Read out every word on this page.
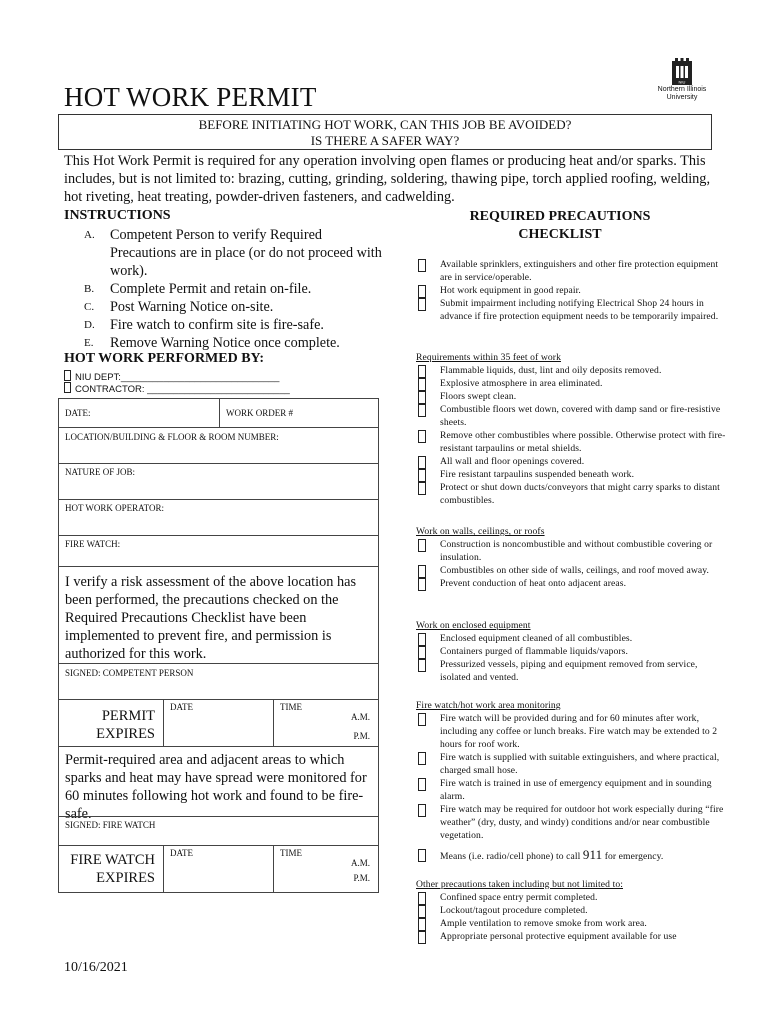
NIU
Northern Illinois
University
HOT WORK PERMIT
BEFORE INITIATING HOT WORK, CAN THIS JOB BE AVOIDED?
IS THERE A SAFER WAY?
This Hot Work Permit is required for any operation involving open flames or producing heat and/or sparks. This includes, but is not limited to: brazing, cutting, grinding, soldering, thawing pipe, torch applied roofing, welding, hot riveting, heat treating, powder-driven fasteners, and cadwelding.
INSTRUCTIONS
A. Competent Person to verify Required Precautions are in place (or do not proceed with work).
B. Complete Permit and retain on-file.
C. Post Warning Notice on-site.
D. Fire watch to confirm site is fire-safe.
E. Remove Warning Notice once complete.
HOT WORK PERFORMED BY:
NIU DEPT:______________________________
CONTRACTOR: ___________________________
DATE:	WORK ORDER #
LOCATION/BUILDING & FLOOR & ROOM NUMBER:
NATURE OF JOB:
HOT WORK OPERATOR:
FIRE WATCH:
I verify a risk assessment of the above location has been performed, the precautions checked on the Required Precautions Checklist have been implemented to prevent fire, and permission is authorized for this work.
SIGNED: COMPETENT PERSON
PERMIT EXPIRES
DATE	TIME
A.M.
P.M.
Permit-required area and adjacent areas to which sparks and heat may have spread were monitored for 60 minutes following hot work and found to be fire-safe.
SIGNED: FIRE WATCH
FIRE WATCH EXPIRES
DATE	TIME
A.M.
P.M.
REQUIRED PRECAUTIONS
CHECKLIST
Available sprinklers, extinguishers and other fire protection equipment are in service/operable.
Hot work equipment in good repair.
Submit impairment including notifying Electrical Shop 24 hours in advance if fire protection equipment needs to be temporarily impaired.
Requirements within 35 feet of work
Flammable liquids, dust, lint and oily deposits removed.
Explosive atmosphere in area eliminated.
Floors swept clean.
Combustible floors wet down, covered with damp sand or fire-resistive sheets.
Remove other combustibles where possible. Otherwise protect with fire-resistant tarpaulins or metal shields.
All wall and floor openings covered.
Fire resistant tarpaulins suspended beneath work.
Protect or shut down ducts/conveyors that might carry sparks to distant combustibles.
Work on walls, ceilings, or roofs
Construction is noncombustible and without combustible covering or insulation.
Combustibles on other side of walls, ceilings, and roof moved away.
Prevent conduction of heat onto adjacent areas.
Work on enclosed equipment
Enclosed equipment cleaned of all combustibles.
Containers purged of flammable liquids/vapors.
Pressurized vessels, piping and equipment removed from service, isolated and vented.
Fire watch/hot work area monitoring
Fire watch will be provided during and for 60 minutes after work, including any coffee or lunch breaks. Fire watch may be extended to 2 hours for roof work.
Fire watch is supplied with suitable extinguishers, and where practical, charged small hose.
Fire watch is trained in use of emergency equipment and in sounding alarm.
Fire watch may be required for outdoor hot work especially during “fire weather” (dry, dusty, and windy) conditions and/or near combustible vegetation.
Means (i.e. radio/cell phone) to call 911 for emergency.
Other precautions taken including but not limited to:
Confined space entry permit completed.
Lockout/tagout procedure completed.
Ample ventilation to remove smoke from work area.
Appropriate personal protective equipment available for use
10/16/2021
